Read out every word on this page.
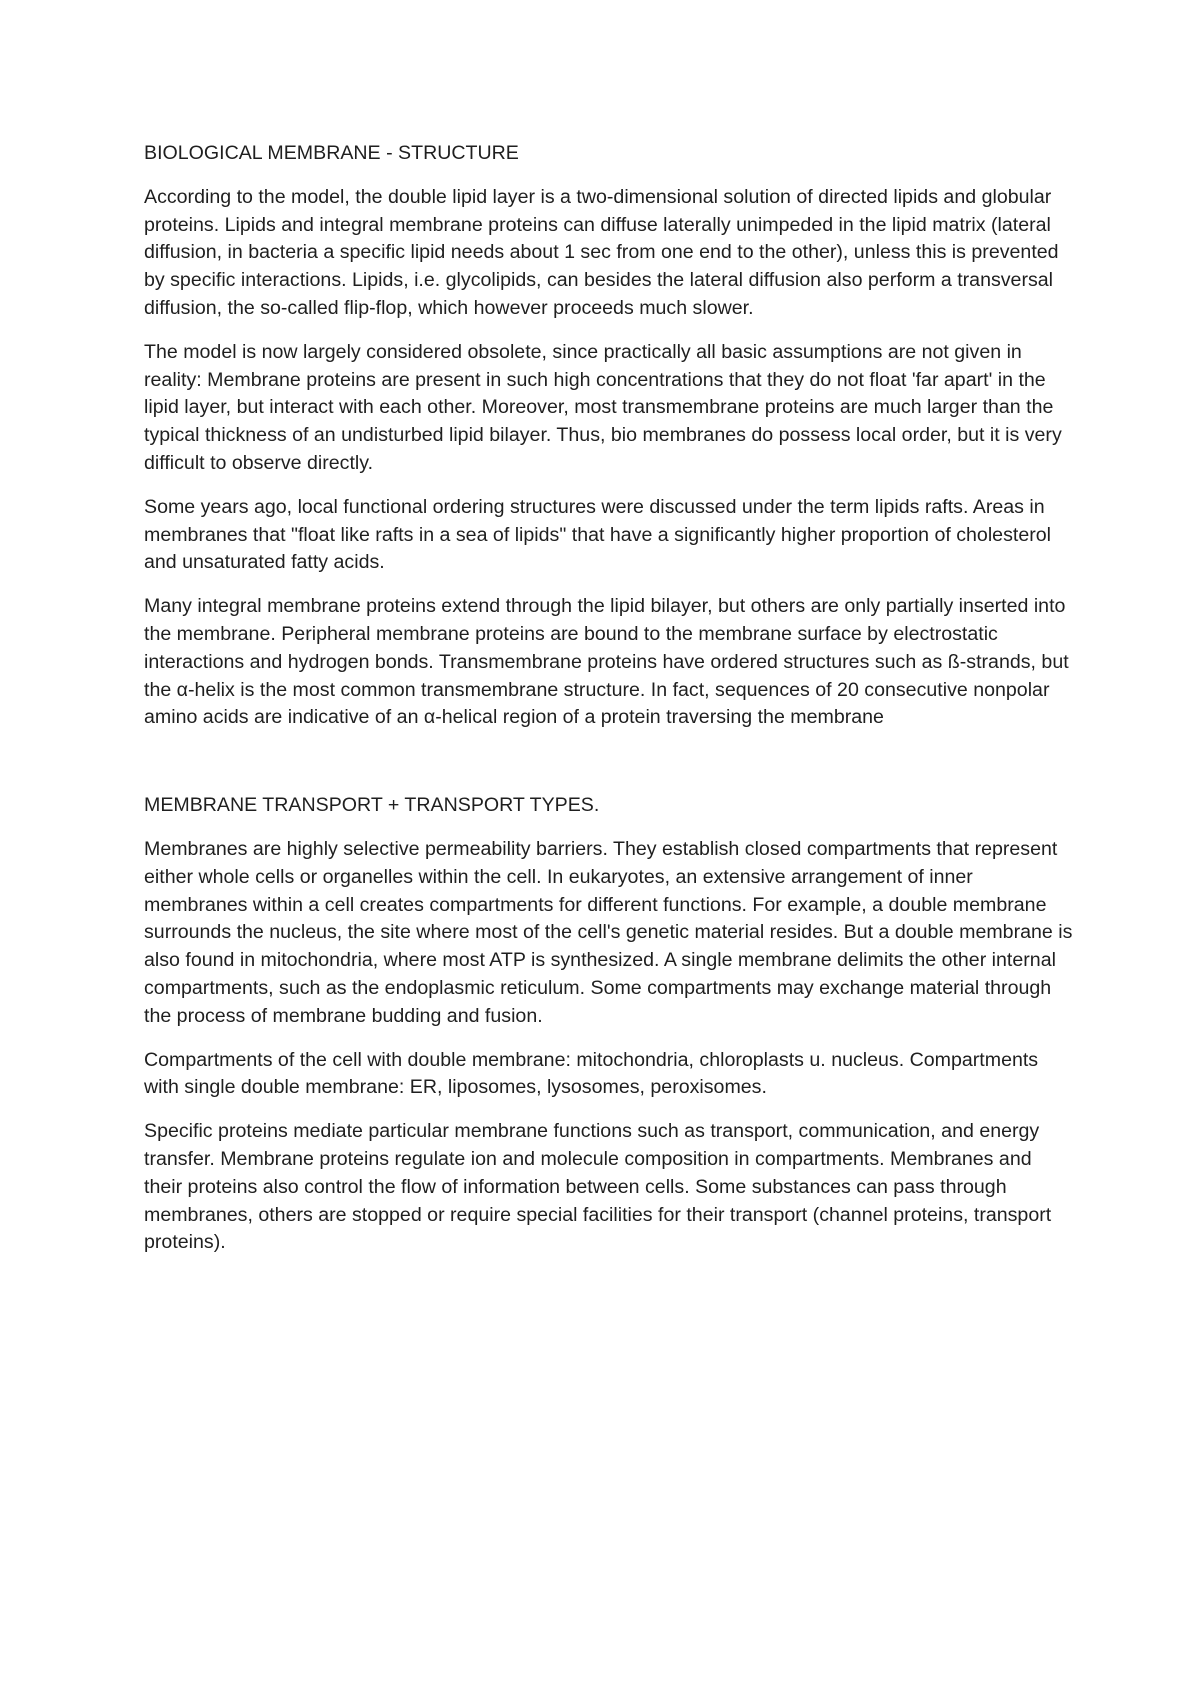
BIOLOGICAL MEMBRANE - STRUCTURE

According to the model, the double lipid layer is a two-dimensional solution of directed lipids and globular proteins. Lipids and integral membrane proteins can diffuse laterally unimpeded in the lipid matrix (lateral diffusion, in bacteria a specific lipid needs about 1 sec from one end to the other), unless this is prevented by specific interactions. Lipids, i.e. glycolipids, can besides the lateral diffusion also perform a transversal diffusion, the so-called flip-flop, which however proceeds much slower.

The model is now largely considered obsolete, since practically all basic assumptions are not given in reality: Membrane proteins are present in such high concentrations that they do not float 'far apart' in the lipid layer, but interact with each other. Moreover, most transmembrane proteins are much larger than the typical thickness of an undisturbed lipid bilayer. Thus, bio membranes do possess local order, but it is very difficult to observe directly.

Some years ago, local functional ordering structures were discussed under the term lipids rafts. Areas in membranes that "float like rafts in a sea of lipids" that have a significantly higher proportion of cholesterol and unsaturated fatty acids.

Many integral membrane proteins extend through the lipid bilayer, but others are only partially inserted into the membrane. Peripheral membrane proteins are bound to the membrane surface by electrostatic interactions and hydrogen bonds. Transmembrane proteins have ordered structures such as ß-strands, but the α-helix is the most common transmembrane structure. In fact, sequences of 20 consecutive nonpolar amino acids are indicative of an α-helical region of a protein traversing the membrane

MEMBRANE TRANSPORT + TRANSPORT TYPES.

Membranes are highly selective permeability barriers. They establish closed compartments that represent either whole cells or organelles within the cell. In eukaryotes, an extensive arrangement of inner membranes within a cell creates compartments for different functions. For example, a double membrane surrounds the nucleus, the site where most of the cell's genetic material resides. But a double membrane is also found in mitochondria, where most ATP is synthesized. A single membrane delimits the other internal compartments, such as the endoplasmic reticulum. Some compartments may exchange material through the process of membrane budding and fusion.

Compartments of the cell with double membrane: mitochondria, chloroplasts u. nucleus. Compartments with single double membrane: ER, liposomes, lysosomes, peroxisomes.

Specific proteins mediate particular membrane functions such as transport, communication, and energy transfer. Membrane proteins regulate ion and molecule composition in compartments. Membranes and their proteins also control the flow of information between cells. Some substances can pass through membranes, others are stopped or require special facilities for their transport (channel proteins, transport proteins).
